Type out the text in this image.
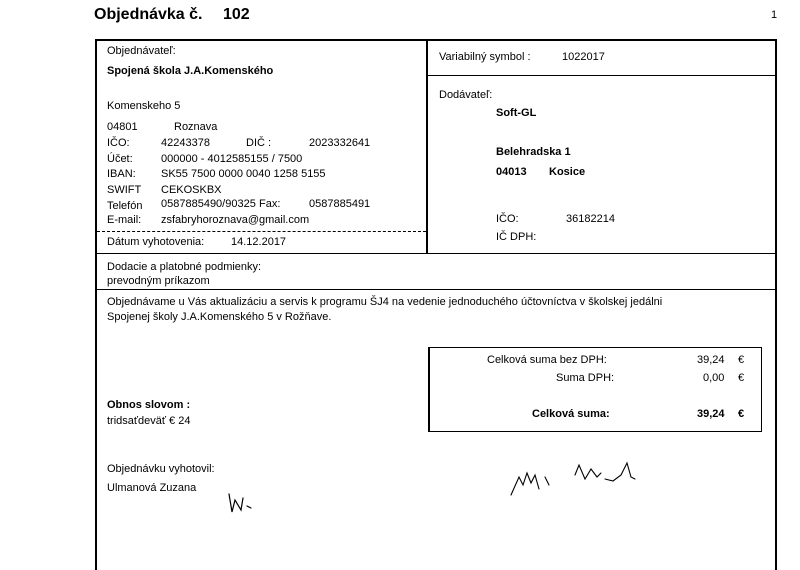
Objednávka č. 102	1
Objednávateľ:
Spojená škola J.A.Komenského
Komenskeho 5
04801	Roznava
IČO:	42243378	DIČ :	2023332641
Účet:	000000 - 4012585155 / 7500
IBAN: SK55 7500 0000 0040 1258 5155
SWIFT CEKOSKBX
Telefón 0587885490/90325 Fax:	0587885491
E-mail: zsfabryhoroznava@gmail.com
Dátum vyhotovenia: 14.12.2017
Variabilný symbol :	1022017
Dodávateľ:
Soft-GL
Belehradska 1
04013 Kosice
IČO:	36182214
IČ DPH:
Dodacie a platobné podmienky:
prevodným príkazom
Objednávame u Vás aktualizáciu a servis k programu ŠJ4 na vedenie jednoduchého účtovníctva v školskej jedálni
Spojenej školy J.A.Komenského 5 v Rožňave.
Celková suma bez DPH:	39,24 €
Suma DPH:	0,00 €
Celková suma:	39,24 €
Obnos slovom :
tridsaťdeväť € 24
Objednávku vyhotovil:
Ulmanová Zuzana
